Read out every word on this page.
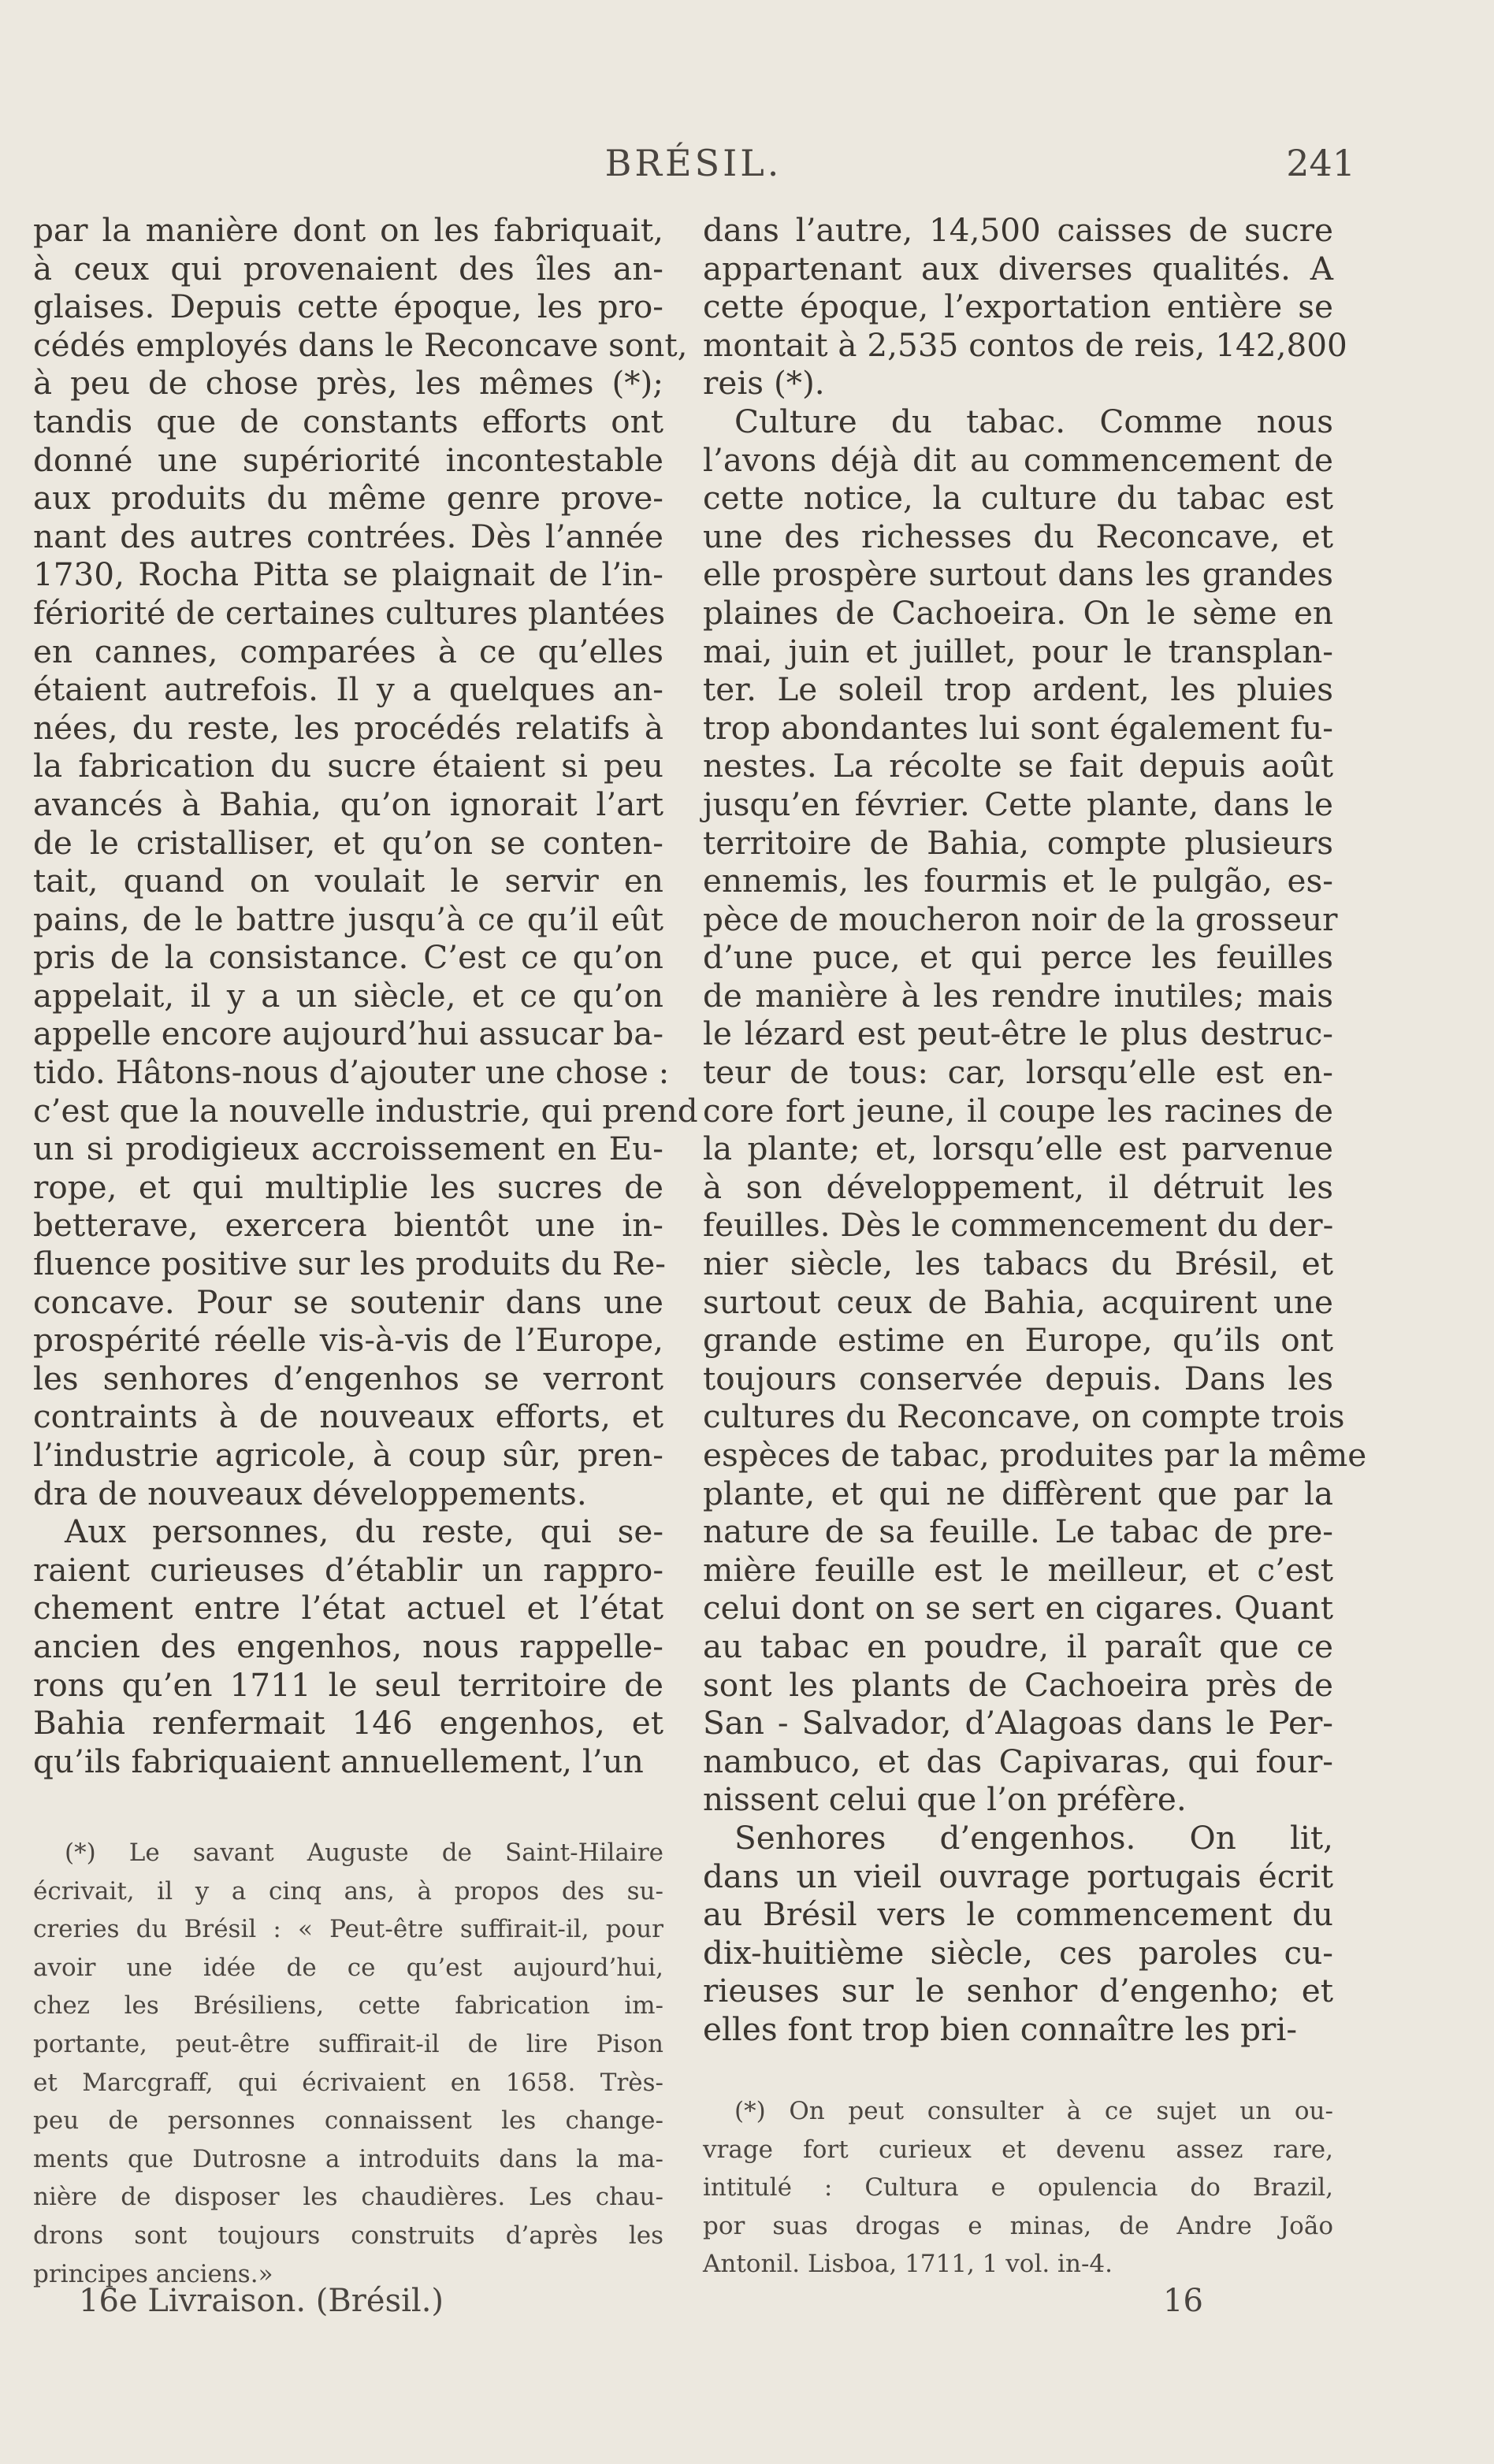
BRÉSIL.	241
par la manière dont on les fabriquait,
à ceux qui provenaient des îles an-
glaises. Depuis cette époque, les pro-
cédés employés dans le Reconcave sont,
à peu de chose près, les mêmes (*);
tandis que de constants efforts ont
donné une supériorité incontestable
aux produits du même genre prove-
nant des autres contrées. Dès l’année
1730, Rocha Pitta se plaignait de l’in-
fériorité de certaines cultures plantées
en cannes, comparées à ce qu’elles
étaient autrefois. Il y a quelques an-
nées, du reste, les procédés relatifs à
la fabrication du sucre étaient si peu
avancés à Bahia, qu’on ignorait l’art
de le cristalliser, et qu’on se conten-
tait, quand on voulait le servir en
pains, de le battre jusqu’à ce qu’il eût
pris de la consistance. C’est ce qu’on
appelait, il y a un siècle, et ce qu’on
appelle encore aujourd’hui assucar ba-
tido. Hâtons-nous d’ajouter une chose :
c’est que la nouvelle industrie, qui prend
un si prodigieux accroissement en Eu-
rope, et qui multiplie les sucres de
betterave, exercera bientôt une in-
fluence positive sur les produits du Re-
concave. Pour se soutenir dans une
prospérité réelle vis-à-vis de l’Europe,
les senhores d’engenhos se verront
contraints à de nouveaux efforts, et
l’industrie agricole, à coup sûr, pren-
dra de nouveaux développements.
Aux personnes, du reste, qui se-
raient curieuses d’établir un rappro-
chement entre l’état actuel et l’état
ancien des engenhos, nous rappelle-
rons qu’en 1711 le seul territoire de
Bahia renfermait 146 engenhos, et
qu’ils fabriquaient annuellement, l’un
dans l’autre, 14,500 caisses de sucre
appartenant aux diverses qualités. A
cette époque, l’exportation entière se
montait à 2,535 contos de reis, 142,800
reis (*).
Culture du tabac. Comme nous
l’avons déjà dit au commencement de
cette notice, la culture du tabac est
une des richesses du Reconcave, et
elle prospère surtout dans les grandes
plaines de Cachoeira. On le sème en
mai, juin et juillet, pour le transplan-
ter. Le soleil trop ardent, les pluies
trop abondantes lui sont également fu-
nestes. La récolte se fait depuis août
jusqu’en février. Cette plante, dans le
territoire de Bahia, compte plusieurs
ennemis, les fourmis et le pulgão, es-
pèce de moucheron noir de la grosseur
d’une puce, et qui perce les feuilles
de manière à les rendre inutiles; mais
le lézard est peut-être le plus destruc-
teur de tous: car, lorsqu’elle est en-
core fort jeune, il coupe les racines de
la plante; et, lorsqu’elle est parvenue
à son développement, il détruit les
feuilles. Dès le commencement du der-
nier siècle, les tabacs du Brésil, et
surtout ceux de Bahia, acquirent une
grande estime en Europe, qu’ils ont
toujours conservée depuis. Dans les
cultures du Reconcave, on compte trois
espèces de tabac, produites par la même
plante, et qui ne diffèrent que par la
nature de sa feuille. Le tabac de pre-
mière feuille est le meilleur, et c’est
celui dont on se sert en cigares. Quant
au tabac en poudre, il paraît que ce
sont les plants de Cachoeira près de
San - Salvador, d’Alagoas dans le Per-
nambuco, et das Capivaras, qui four-
nissent celui que l’on préfère.
Senhores d’engenhos. On lit,
dans un vieil ouvrage portugais écrit
au Brésil vers le commencement du
dix-huitième siècle, ces paroles cu-
rieuses sur le senhor d’engenho; et
elles font trop bien connaître les pri-
(*) Le savant Auguste de Saint-Hilaire
écrivait, il y a cinq ans, à propos des su-
creries du Brésil : « Peut-être suffirait-il, pour
avoir une idée de ce qu’est aujourd’hui,
chez les Brésiliens, cette fabrication im-
portante, peut-être suffirait-il de lire Pison
et Marcgraff, qui écrivaient en 1658. Très-
peu de personnes connaissent les change-
ments que Dutrosne a introduits dans la ma-
nière de disposer les chaudières. Les chau-
drons sont toujours construits d’après les
principes anciens.»
(*) On peut consulter à ce sujet un ou-
vrage fort curieux et devenu assez rare,
intitulé : Cultura e opulencia do Brazil,
por suas drogas e minas, de Andre João
Antonil. Lisboa, 1711, 1 vol. in-4.
16e Livraison. (Brésil.)	16
